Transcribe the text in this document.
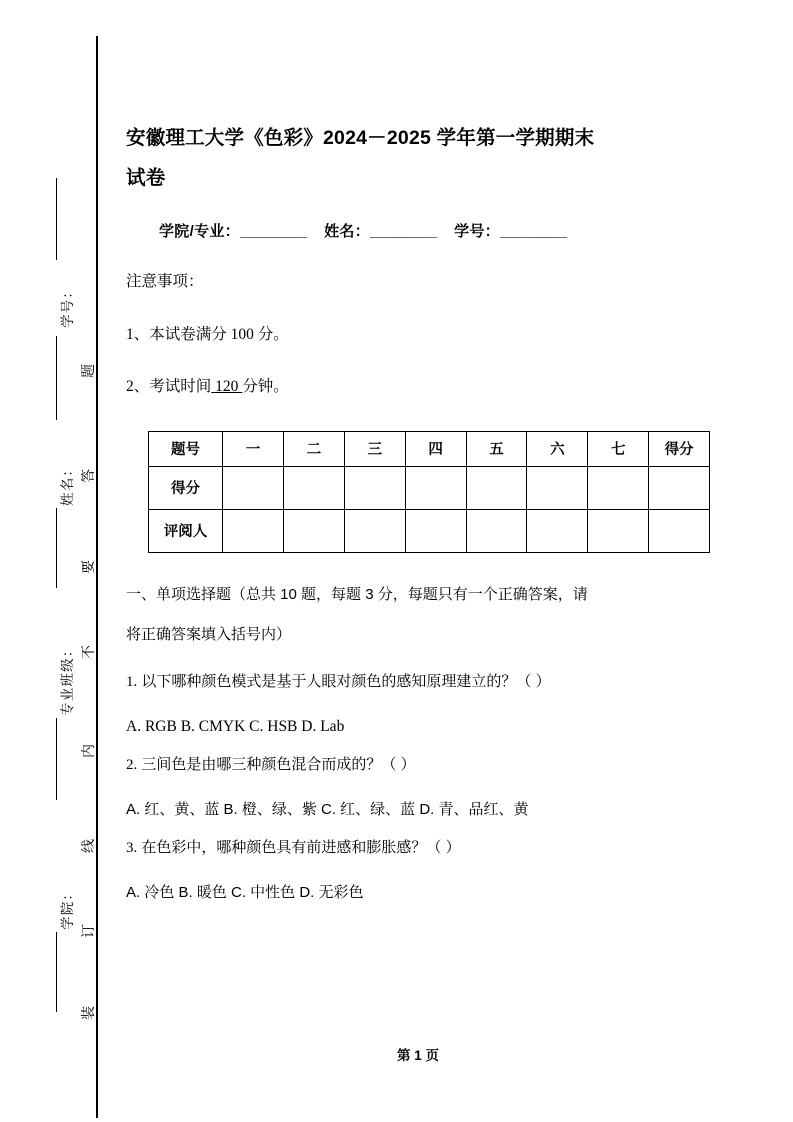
学号：
姓名：
专业班级：
学院：
题
答
要
不
内
线
订
装
安徽理工大学《色彩》2024－2025 学年第一学期期末
试卷
学院/专业：_________ 姓名：_________ 学号：_________

注意事项：

1、本试卷满分 100 分。

2、考试时间 120 分钟。

题号	一	二	三	四	五	六	七	得分
得分								
评阅人								

一、单项选择题（总共 10 题，每题 3 分，每题只有一个正确答案，请
将正确答案填入括号内）

1. 以下哪种颜色模式是基于人眼对颜色的感知原理建立的？（ ）

A. RGB B. CMYK C. HSB D. Lab

2. 三间色是由哪三种颜色混合而成的？（ ）

A. 红、黄、蓝 B. 橙、绿、紫 C. 红、绿、蓝 D. 青、品红、黄

3. 在色彩中，哪种颜色具有前进感和膨胀感？（ ）

A. 冷色 B. 暖色 C. 中性色 D. 无彩色

第 1 页
